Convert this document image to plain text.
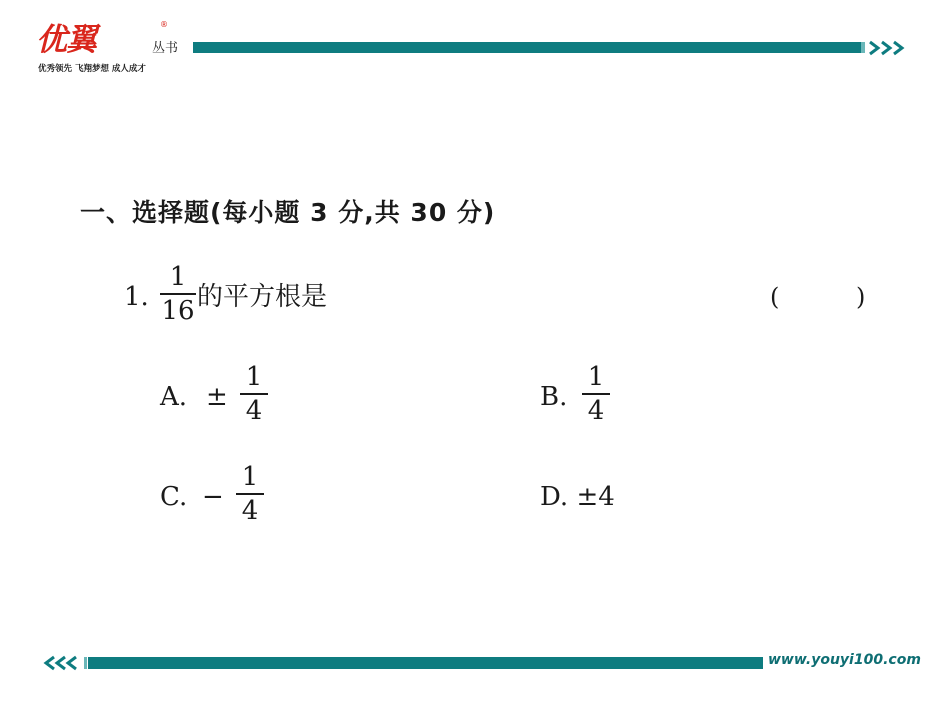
优翼	®
丛书
优秀领先 飞翔梦想 成人成才
一、选择题(每小题 3 分,共 30 分)
1.
1
16 的平方根是	(	)
A. ±
1
4	B.
1
4
C. −
1
4	D. ±4
www.youyi100.com
